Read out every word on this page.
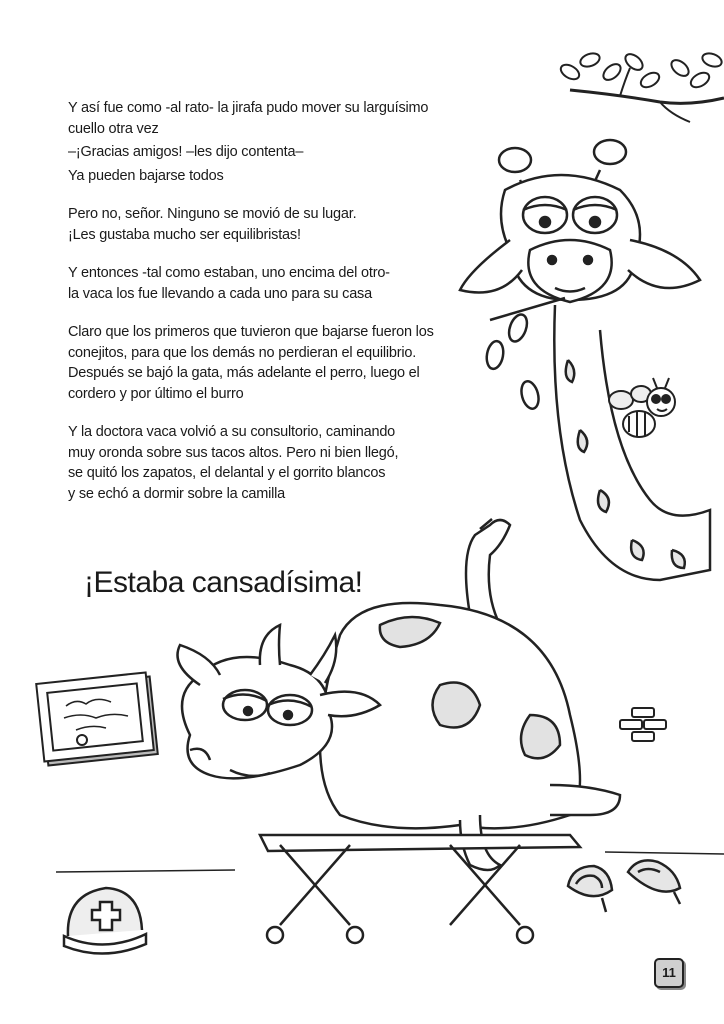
Y así fue como -al rato- la jirafa pudo mover su larguísimo
cuello otra vez
–¡Gracias amigos! –les dijo contenta–
Ya pueden bajarse todos
Pero no, señor. Ninguno se movió de su lugar.
¡Les gustaba mucho ser equilibristas!
Y entonces -tal como estaban, uno encima del otro-
la vaca los fue llevando a cada uno para su casa
Claro que los primeros que tuvieron que bajarse fueron los
conejitos, para que los demás no perdieran el equilibrio.
Después se bajó la gata, más adelante el perro, luego el
cordero y por último el burro
Y la doctora vaca volvió a su consultorio, caminando
muy oronda sobre sus tacos altos. Pero ni bien llegó,
se quitó los zapatos, el delantal y el gorrito blancos
y se echó a dormir sobre la camilla
¡Estaba cansadísima!
11
